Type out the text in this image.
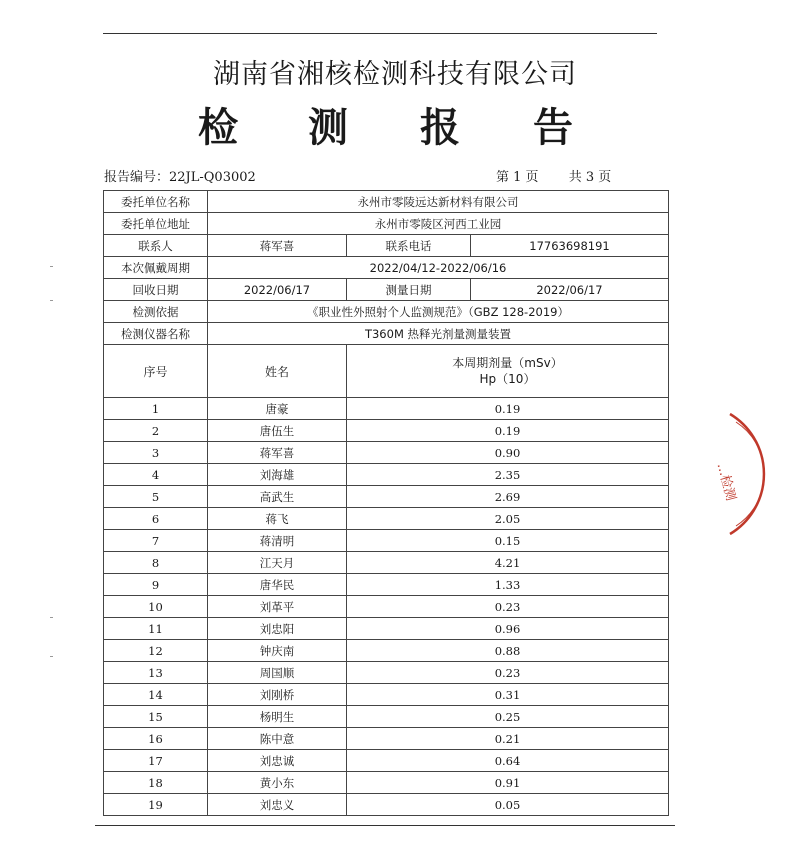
湖南省湘核检测科技有限公司
检 测 报 告
报告编号：22JL-Q03002	第 1 页 共 3 页
委托单位名称	永州市零陵远达新材料有限公司		
委托单位地址	永州市零陵区河西工业园		
联系人	蒋军喜	联系电话	17763698191
本次佩戴周期	2022/04/12-2022/06/16		
回收日期	2022/06/17	测量日期	2022/06/17
检测依据	《职业性外照射个人监测规范》（GBZ 128-2019）		
检测仪器名称	T360M 热释光剂量测量装置		
序号	姓名	本周期剂量（mSv）
Hp（10）	

1	唐豪	0.19	
2	唐伍生	0.19	
3	蒋军喜	0.90	
4	刘海雄	2.35	
5	高武生	2.69	
6	蒋飞	2.05	
7	蒋清明	0.15	
8	江天月	4.21	
9	唐华民	1.33	
10	刘革平	0.23	
11	刘忠阳	0.96	
12	钟庆南	0.88	
13	周国顺	0.23	
14	刘刚桥	0.31	
15	杨明生	0.25	
16	陈中意	0.21	
17	刘忠诚	0.64	
18	黄小东	0.91	
19	刘忠义	0.05	
...检测
